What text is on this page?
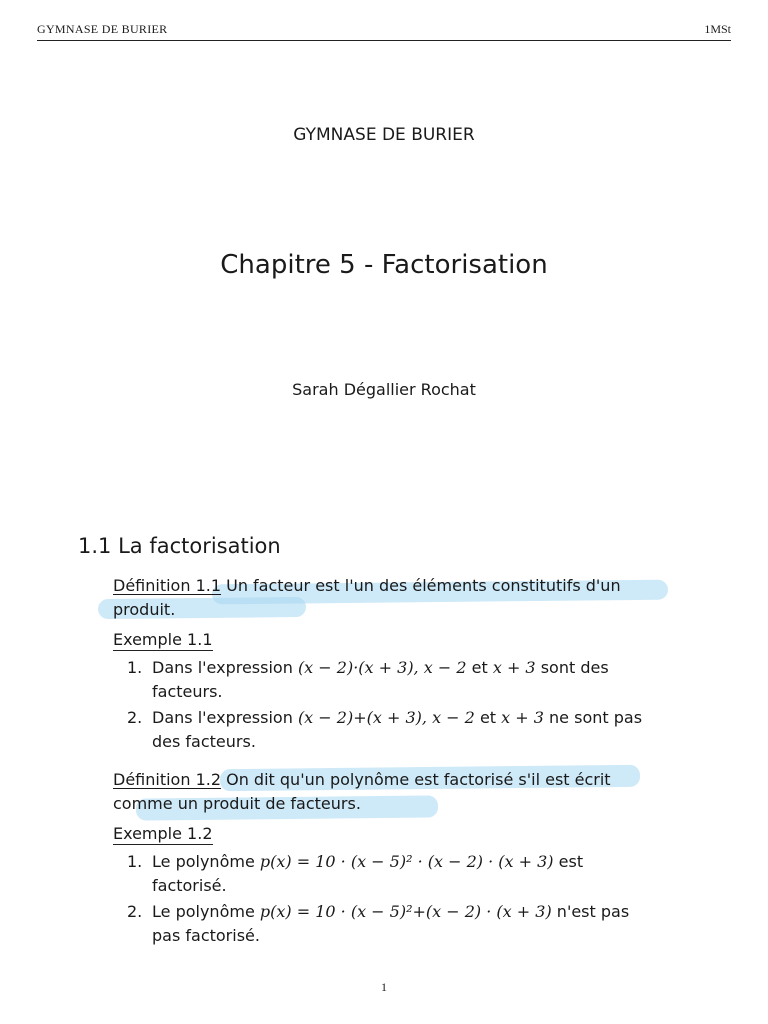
GYMNASE DE BURIER	1MSt
GYMNASE DE BURIER
Chapitre 5 - Factorisation
Sarah Dégallier Rochat
1.1 La factorisation
Définition 1.1 Un facteur est l'un des éléments constitutifs d'un
produit.
Exemple 1.1
1. Dans l'expression (x − 2)·(x + 3), x − 2 et x + 3 sont des
facteurs.
2. Dans l'expression (x − 2)+(x + 3), x − 2 et x + 3 ne sont pas
des facteurs.
Définition 1.2 On dit qu'un polynôme est factorisé s'il est écrit
comme un produit de facteurs.
Exemple 1.2
1. Le polynôme p(x) = 10 · (x − 5)² · (x − 2) · (x + 3) est
factorisé.
2. Le polynôme p(x) = 10 · (x − 5)²+(x − 2) · (x + 3) n'est pas
pas factorisé.
1
